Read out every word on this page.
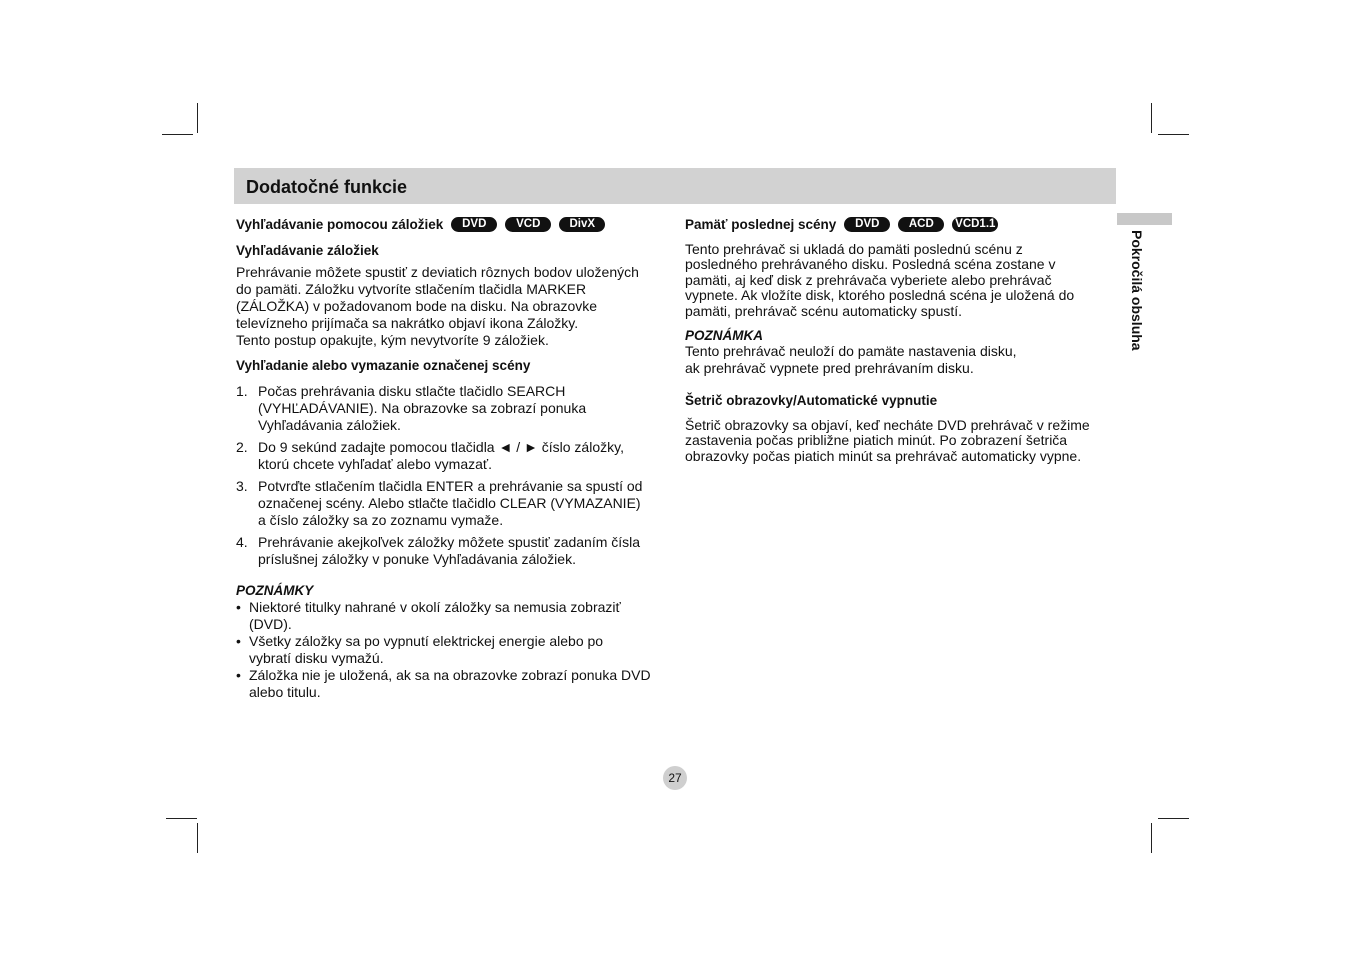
Dodatočné funkcie
Pokročilá obsluha
Vyhľadávanie pomocou záložiek	DVD	VCD	DivX
Vyhľadávanie záložiek

Prehrávanie môžete spustiť z deviatich rôznych bodov uložených

do pamäti. Záložku vytvoríte stlačením tlačidla MARKER

(ZÁLOŽKA) v požadovanom bode na disku. Na obrazovke

televízneho prijímača sa nakrátko objaví ikona Záložky.

Tento postup opakujte, kým nevytvoríte 9 záložiek.

Vyhľadanie alebo vymazanie označenej scény
1. Počas prehrávania disku stlačte tlačidlo SEARCH

(VYHĽADÁVANIE). Na obrazovke sa zobrazí ponuka

Vyhľadávania záložiek.

2. Do 9 sekúnd zadajte pomocou tlačidla ◄ / ► číslo záložky,

ktorú chcete vyhľadať alebo vymazať.

3. Potvrďte stlačením tlačidla ENTER a prehrávanie sa spustí od

označenej scény. Alebo stlačte tlačidlo CLEAR (VYMAZANIE)

a číslo záložky sa zo zoznamu vymaže.

4. Prehrávanie akejkoľvek záložky môžete spustiť zadaním čísla

príslušnej záložky v ponuke Vyhľadávania záložiek.

POZNÁMKY

• Niektoré titulky nahrané v okolí záložky sa nemusia zobraziť

(DVD).

• Všetky záložky sa po vypnutí elektrickej energie alebo po

vybratí disku vymažú.

• Záložka nie je uložená, ak sa na obrazovke zobrazí ponuka DVD

alebo titulu.

Pamäť poslednej scény	DVD	ACD	VCD1.1

Tento prehrávač si ukladá do pamäti poslednú scénu z

posledného prehrávaného disku. Posledná scéna zostane v

pamäti, aj keď disk z prehrávača vyberiete alebo prehrávač

vypnete. Ak vložíte disk, ktorého posledná scéna je uložená do

pamäti, prehrávač scénu automaticky spustí.

POZNÁMKA

Tento prehrávač neuloží do pamäte nastavenia disku,

ak prehrávač vypnete pred prehrávaním disku.

Šetrič obrazovky/Automatické vypnutie

Šetrič obrazovky sa objaví, keď necháte DVD prehrávač v režime

zastavenia počas približne piatich minút. Po zobrazení šetriča

obrazovky počas piatich minút sa prehrávač automaticky vypne.

27
